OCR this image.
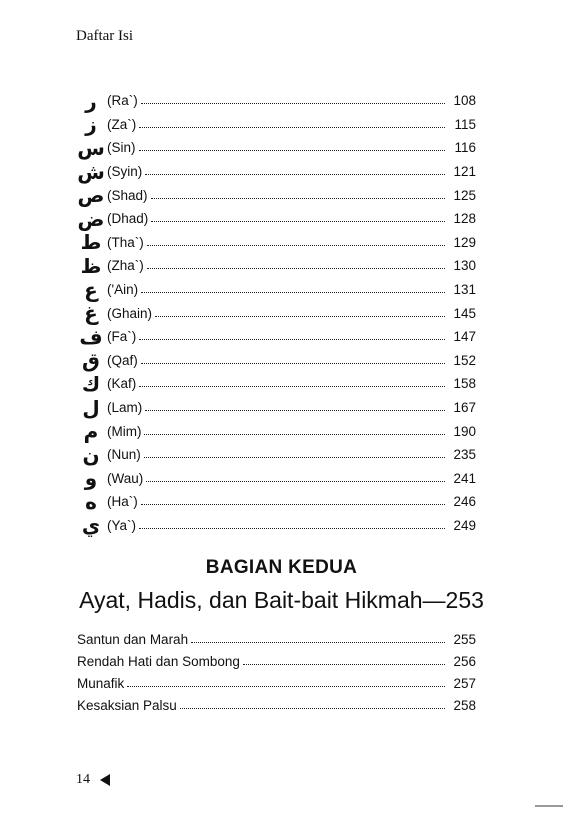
Daftar Isi
ر (Ra`)	108
ز (Za`)	115
س (Sin)	116
ش (Syin)	121
ص (Shad)	125
ض (Dhad)	128
ط (Tha`)	129
ظ (Zha`)	130
ع ('Ain)	131
غ (Ghain)	145
ف (Fa`)	147
ق (Qaf)	152
ك (Kaf)	158
ل (Lam)	167
م (Mim)	190
ن (Nun)	235
و (Wau)	241
ه (Ha`)	246
ي (Ya`)	249
BAGIAN KEDUA
Ayat, Hadis, dan Bait-bait Hikmah—253
Santun dan Marah	255
Rendah Hati dan Sombong	256
Munafik	257
Kesaksian Palsu	258
14
